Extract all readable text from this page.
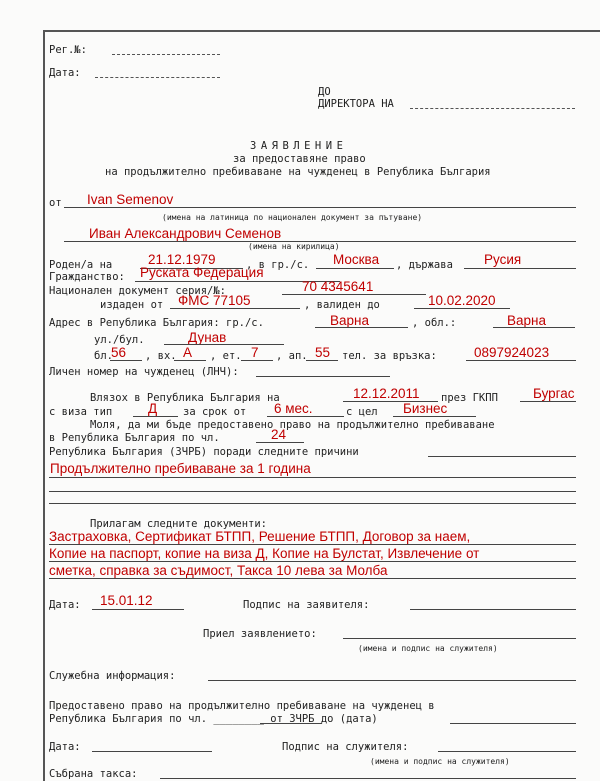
Рег.№:
Дата:
ДО
ДИРЕКТОРА НА
ЗАЯВЛЕНИЕ
за предоставяне право
на продължително пребиваване на чужденец в Република България
от Ivan Semenov
(имена на латиница по национален документ за пътуване)
Иван Александрович Семенов
(имена на кирилица)
Роден/а на	21.12.1979	, в гр./с. Москва , държава Русия
Гражданство: Руската Федерация
Национален документ серия/№:	70 4345641
издаден от ФМС 77105	, валиден до	10.02.2020
Адрес в Република България: гр./с.	Варна	, обл.:	Варна
ул./бул.	Дунав
бл.
56 , вх. А , ет. 7 , ап. 55 тел. за връзка:	0897924023
Личен номер на чужденец (ЛНЧ):
Влязох в Република България на	12.12.2011 през ГКПП	Бургас
с виза тип	Д за срок от 6 мес.	с цел Бизнес
Моля, да ми бъде предоставено право на продължително пребиваване
в Република България по чл.	24
Република България (ЗЧРБ) поради следните причини
Продължително пребиваване за 1 година
Прилагам следните документи:
Застраховка, Сертификат БТПП, Решение БТПП, Договор за наем,
Копие на паспорт, копие на виза Д, Копие на Булстат, Извлечение от
сметка, справка за съдимост, Такса 10 лева за Молба
Дата: 15.01.12	Подпис на заявителя:
Приел заявлението:
(имена и подпис на служителя)
Служебна информация:
Предоставено право на продължително пребиваване на чужденец в
Република България по чл. ________ от ЗЧРБ до (дата)
Дата:	Подпис на служителя:
(имена и подпис на служителя)
Събрана такса:
